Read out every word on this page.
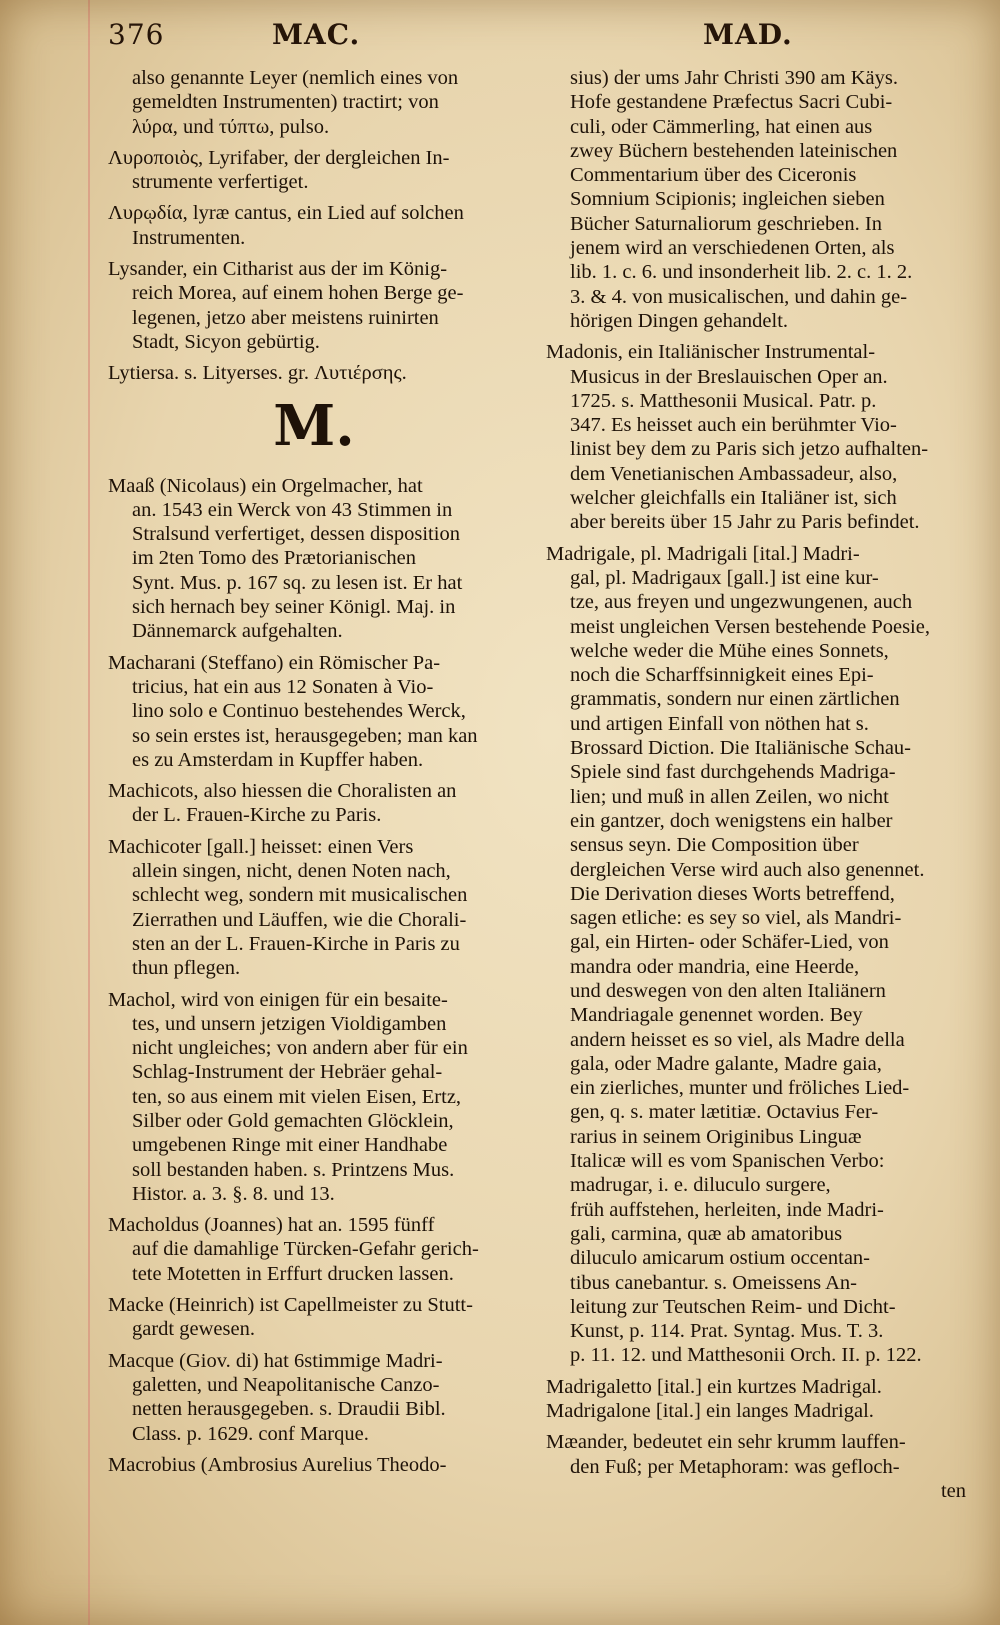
376	MAC.	MAD.
also genannte Leyer (nemlich eines von
gemeldten Instrumenten) tractirt; von
λύρα, und τύπτω, pulso.
Λυροποιὸς, Lyrifaber, der dergleichen In-
strumente verfertiget.
Λυρῳδία, lyræ cantus, ein Lied auf solchen
Instrumenten.
Lysander, ein Citharist aus der im König-
reich Morea, auf einem hohen Berge ge-
legenen, jetzo aber meistens ruinirten
Stadt, Sicyon gebürtig.
Lytiersa. s. Lityerses. gr. Λυτιέρσης.
M.
Maaß (Nicolaus) ein Orgelmacher, hat
an. 1543 ein Werck von 43 Stimmen in
Stralsund verfertiget, dessen disposition
im 2ten Tomo des Prætorianischen
Synt. Mus. p. 167 sq. zu lesen ist. Er hat
sich hernach bey seiner Königl. Maj. in
Dännemarck aufgehalten.
Macharani (Steffano) ein Römischer Pa-
tricius, hat ein aus 12 Sonaten à Vio-
lino solo e Continuo bestehendes Werck,
so sein erstes ist, herausgegeben; man kan
es zu Amsterdam in Kupffer haben.
Machicots, also hiessen die Choralisten an
der L. Frauen-Kirche zu Paris.
Machicoter [gall.] heisset: einen Vers
allein singen, nicht, denen Noten nach,
schlecht weg, sondern mit musicalischen
Zierrathen und Läuffen, wie die Chorali-
sten an der L. Frauen-Kirche in Paris zu
thun pflegen.
Machol, wird von einigen für ein besaite-
tes, und unsern jetzigen Violdigamben
nicht ungleiches; von andern aber für ein
Schlag-Instrument der Hebräer gehal-
ten, so aus einem mit vielen Eisen, Ertz,
Silber oder Gold gemachten Glöcklein,
umgebenen Ringe mit einer Handhabe
soll bestanden haben. s. Printzens Mus.
Histor. a. 3. §. 8. und 13.
Macholdus (Joannes) hat an. 1595 fünff
auf die damahlige Türcken-Gefahr gerich-
tete Motetten in Erffurt drucken lassen.
Macke (Heinrich) ist Capellmeister zu Stutt-
gardt gewesen.
Macque (Giov. di) hat 6stimmige Madri-
galetten, und Neapolitanische Canzo-
netten herausgegeben. s. Draudii Bibl.
Class. p. 1629. conf Marque.
Macrobius (Ambrosius Aurelius Theodo-
sius) der ums Jahr Christi 390 am Käys.
Hofe gestandene Præfectus Sacri Cubi-
culi, oder Cämmerling, hat einen aus
zwey Büchern bestehenden lateinischen
Commentarium über des Ciceronis
Somnium Scipionis; ingleichen sieben
Bücher Saturnaliorum geschrieben. In
jenem wird an verschiedenen Orten, als
lib. 1. c. 6. und insonderheit lib. 2. c. 1. 2.
3. & 4. von musicalischen, und dahin ge-
hörigen Dingen gehandelt.
Madonis, ein Italiänischer Instrumental-
Musicus in der Breslauischen Oper an.
1725. s. Matthesonii Musical. Patr. p.
347. Es heisset auch ein berühmter Vio-
linist bey dem zu Paris sich jetzo aufhalten-
dem Venetianischen Ambassadeur, also,
welcher gleichfalls ein Italiäner ist, sich
aber bereits über 15 Jahr zu Paris befindet.
Madrigale, pl. Madrigali [ital.] Madri-
gal, pl. Madrigaux [gall.] ist eine kur-
tze, aus freyen und ungezwungenen, auch
meist ungleichen Versen bestehende Poesie,
welche weder die Mühe eines Sonnets,
noch die Scharffsinnigkeit eines Epi-
grammatis, sondern nur einen zärtlichen
und artigen Einfall von nöthen hat s.
Brossard Diction. Die Italiänische Schau-
Spiele sind fast durchgehends Madriga-
lien; und muß in allen Zeilen, wo nicht
ein gantzer, doch wenigstens ein halber
sensus seyn. Die Composition über
dergleichen Verse wird auch also genennet.
Die Derivation dieses Worts betreffend,
sagen etliche: es sey so viel, als Mandri-
gal, ein Hirten- oder Schäfer-Lied, von
mandra oder mandria, eine Heerde,
und deswegen von den alten Italiänern
Mandriagale genennet worden. Bey
andern heisset es so viel, als Madre della
gala, oder Madre galante, Madre gaia,
ein zierliches, munter und fröliches Lied-
gen, q. s. mater lætitiæ. Octavius Fer-
rarius in seinem Originibus Linguæ
Italicæ will es vom Spanischen Verbo:
madrugar, i. e. diluculo surgere,
früh auffstehen, herleiten, inde Madri-
gali, carmina, quæ ab amatoribus
diluculo amicarum ostium occentan-
tibus canebantur. s. Omeissens An-
leitung zur Teutschen Reim- und Dicht-
Kunst, p. 114. Prat. Syntag. Mus. T. 3.
p. 11. 12. und Matthesonii Orch. II. p. 122.
Madrigaletto [ital.] ein kurtzes Madrigal.
Madrigalone [ital.] ein langes Madrigal.
Mæander, bedeutet ein sehr krumm lauffen-
den Fuß; per Metaphoram: was gefloch-
ten
